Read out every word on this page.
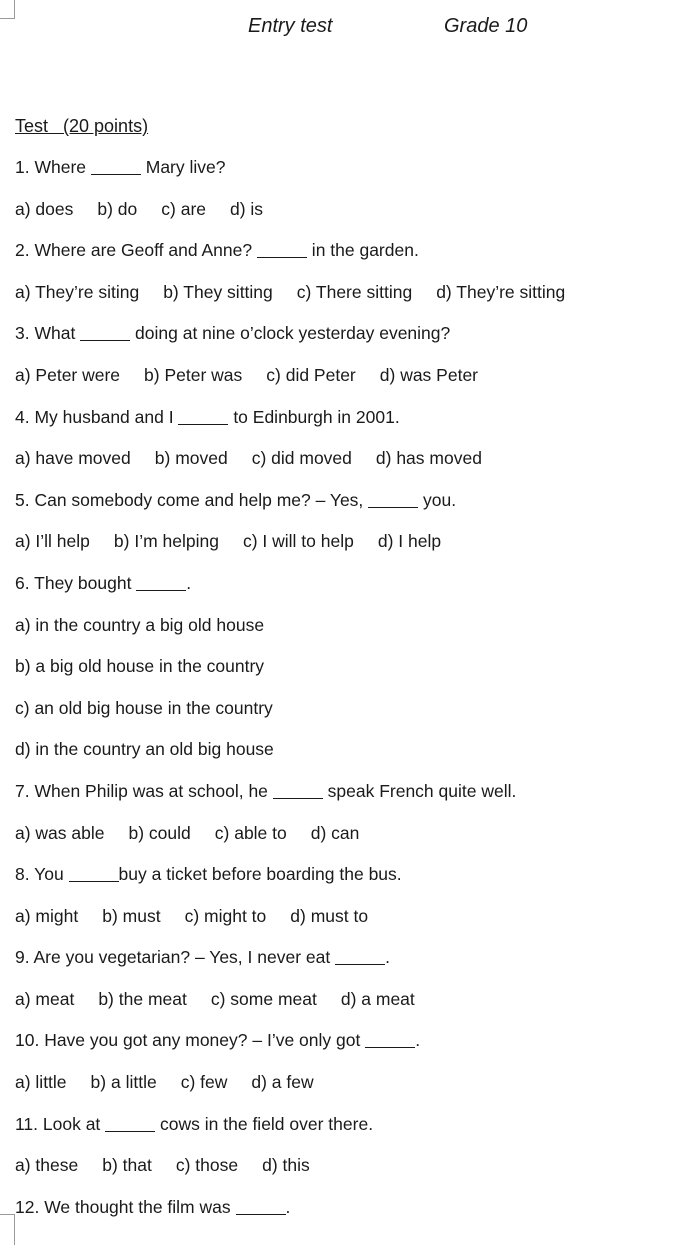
Entry test	Grade 10
Test   (20 points)
1. Where	Mary live?
a) does b) do c) are d) is
2. Where are Geoff and Anne?	in the garden.
a) They’re siting b) They sitting c) There sitting d) They’re sitting
3. What	doing at nine o’clock yesterday evening?
a) Peter were b) Peter was c) did Peter d) was Peter
4. My husband and I	to Edinburgh in 2001.
a) have moved b) moved c) did moved d) has moved
5. Can somebody come and help me? – Yes,	you.
a) I’ll help b) I’m helping c) I will to help d) I help
6. They bought	.
a) in the country a big old house
b) a big old house in the country
c) an old big house in the country
d) in the country an old big house
7. When Philip was at school, he	speak French quite well.
a) was able b) could c) able to d) can
8. You	buy a ticket before boarding the bus.
a) might b) must c) might to d) must to
9. Are you vegetarian? – Yes, I never eat	.
a) meat b) the meat c) some meat d) a meat
10. Have you got any money? – I’ve only got	.
a) little b) a little c) few d) a few
11. Look at	cows in the field over there.
a) these b) that c) those d) this
12. We thought the film was	.
